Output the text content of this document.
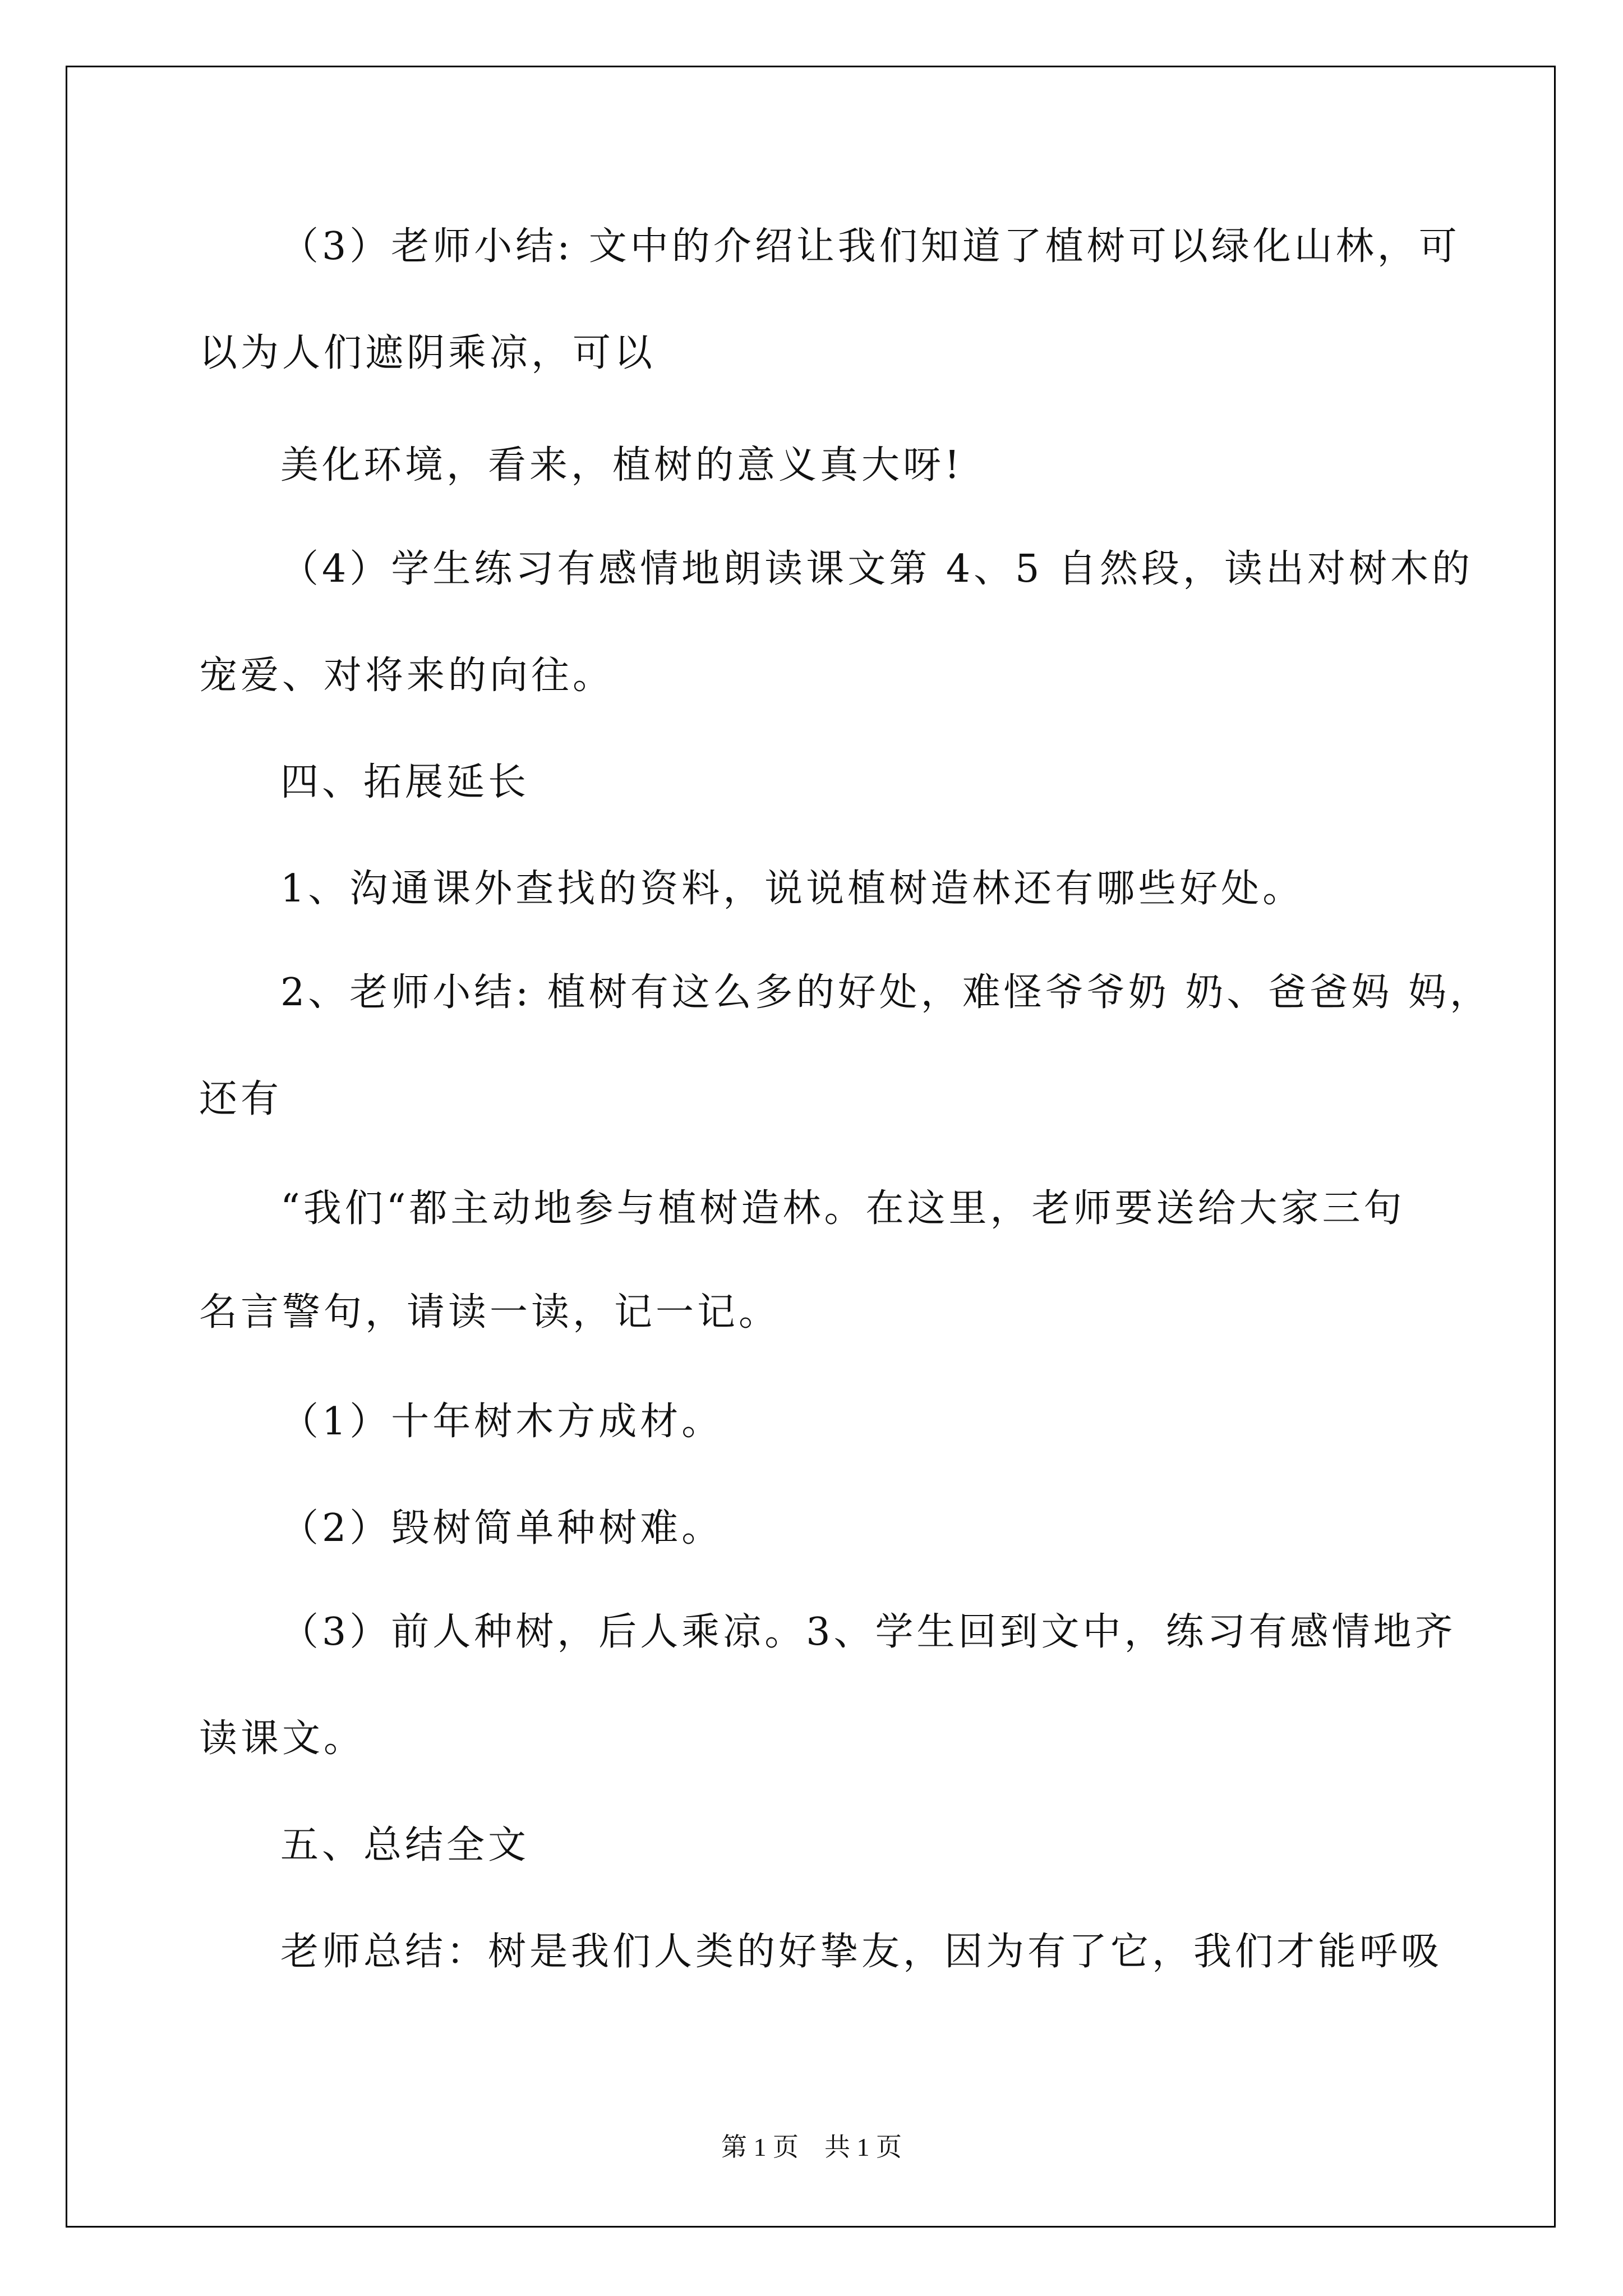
（3）老师小结: 文中的介绍让我们知道了植树可以绿化山林，可
以为人们遮阴乘凉，可以
美化环境，看来，植树的意义真大呀!
（4）学生练习有感情地朗读课文第 4、5 自然段，读出对树木的
宠爱、对将来的向往。
四、拓展延长
1、沟通课外查找的资料，说说植树造林还有哪些好处。
2、老师小结: 植树有这么多的好处，难怪爷爷奶 奶、爸爸妈 妈，
还有
“我们“都主动地参与植树造林。在这里，老师要送给大家三句
名言警句，请读一读，记一记。
（1）十年树木方成材。
（2）毁树简单种树难。
（3）前人种树，后人乘凉。3、学生回到文中，练习有感情地齐
读课文。
五、总结全文
老师总结：树是我们人类的好挚友，因为有了它，我们才能呼吸
第 1 页　共 1 页
